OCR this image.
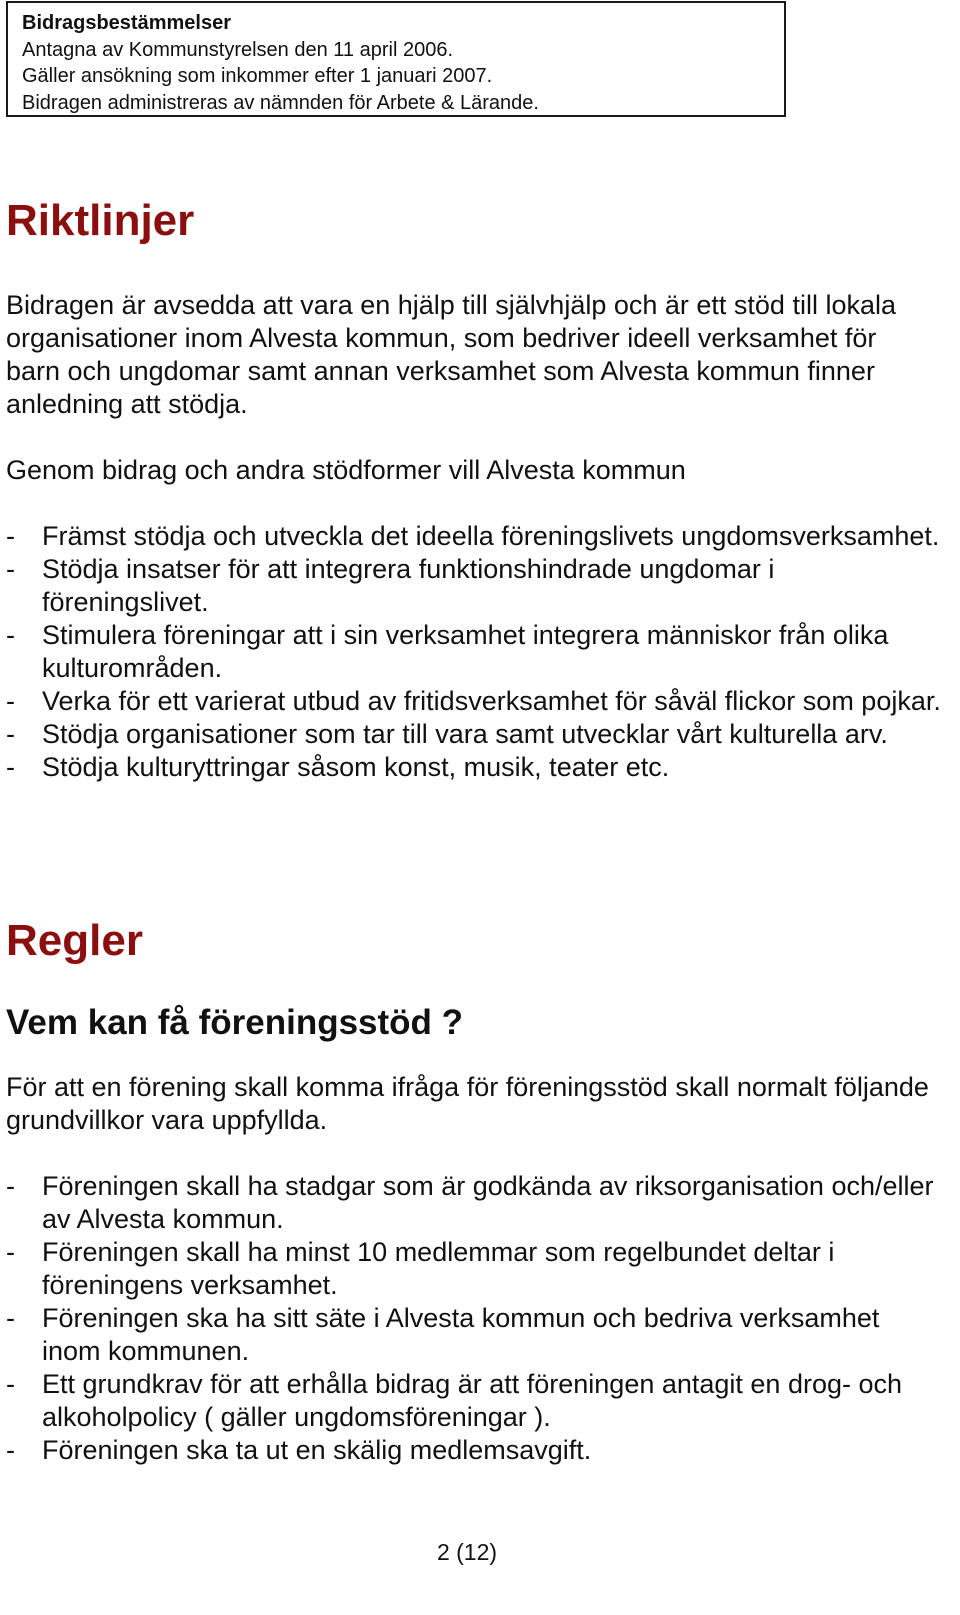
Bidragsbestämmelser
Antagna av Kommunstyrelsen den 11 april 2006.
Gäller ansökning som inkommer efter 1 januari 2007.
Bidragen administreras av nämnden för Arbete & Lärande.
Riktlinjer

Bidragen är avsedda att vara en hjälp till självhjälp och är ett stöd till lokala organisationer inom Alvesta kommun, som bedriver ideell verksamhet för barn och ungdomar samt annan verksamhet som Alvesta kommun finner anledning att stödja.

Genom bidrag och andra stödformer vill Alvesta kommun

- Främst stödja och utveckla det ideella föreningslivets ungdomsverksamhet.
- Stödja insatser för att integrera funktionshindrade ungdomar i föreningslivet.
- Stimulera föreningar att i sin verksamhet integrera människor från olika kulturområden.
- Verka för ett varierat utbud av fritidsverksamhet för såväl flickor som pojkar.
- Stödja organisationer som tar till vara samt utvecklar vårt kulturella arv.
- Stödja kulturyttringar såsom konst, musik, teater etc.
Regler
Vem kan få föreningsstöd ?

För att en förening skall komma ifråga för föreningsstöd skall normalt följande grundvillkor vara uppfyllda.

- Föreningen skall ha stadgar som är godkända av riksorganisation och/eller av Alvesta kommun.
- Föreningen skall ha minst 10 medlemmar som regelbundet deltar i föreningens verksamhet.
- Föreningen ska ha sitt säte i Alvesta kommun och bedriva verksamhet inom kommunen.
- Ett grundkrav för att erhålla bidrag är att föreningen antagit en drog- och alkoholpolicy ( gäller ungdomsföreningar ).
- Föreningen ska ta ut en skälig medlemsavgift.
2 (12)
